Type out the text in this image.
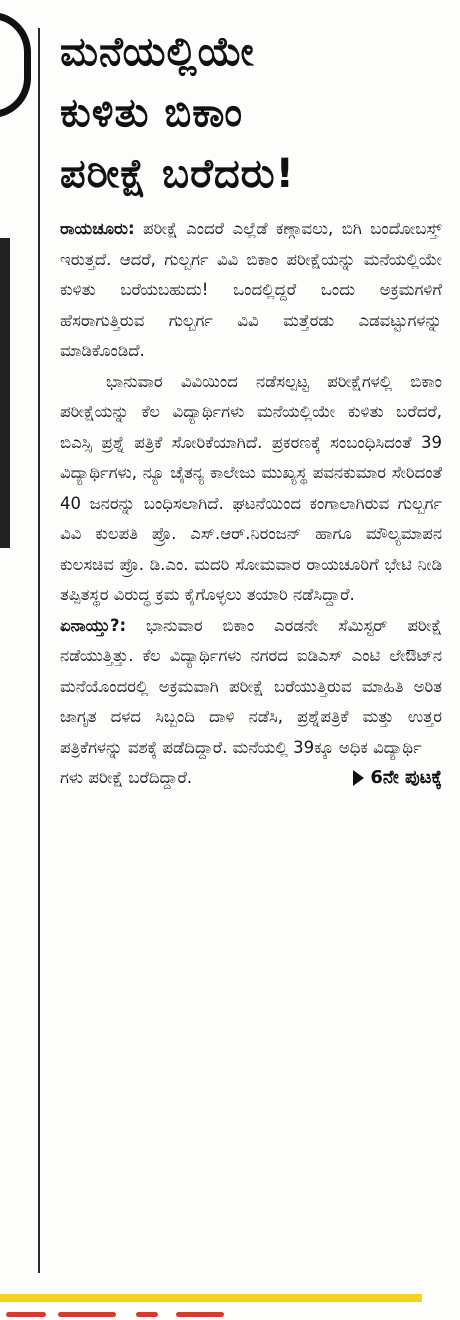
ಮನೆಯಲ್ಲಿಯೇ
ಕುಳಿತು ಬಿಕಾಂ
ಪರೀಕ್ಷೆ ಬರೆದರು!

ರಾಯಚೂರು: ಪರೀಕ್ಷೆ ಎಂದರೆ ಎಲ್ಲೆಡೆ ಕಣ್ಗಾವಲು, ಬಿಗಿ ಬಂದೋಬಸ್ತ್ ಇರುತ್ತದೆ. ಆದರೆ, ಗುಲ್ಬರ್ಗ ವಿವಿ ಬಿಕಾಂ ಪರೀಕ್ಷೆಯನ್ನು ಮನೆಯಲ್ಲಿಯೇ ಕುಳಿತು ಬರೆಯಬಹುದು! ಒಂದಲ್ಲಿದ್ದರೆ ಒಂದು ಅಕ್ರಮಗಳಿಗೆ ಹೆಸರಾಗುತ್ತಿರುವ ಗುಲ್ಬರ್ಗ ವಿವಿ ಮತ್ತೆರಡು ಎಡವಟ್ಟುಗಳನ್ನು ಮಾಡಿಕೊಂಡಿದೆ.

ಭಾನುವಾರ ವಿವಿಯಿಂದ ನಡೆಸಲ್ಪಟ್ಟ ಪರೀಕ್ಷೆಗಳಲ್ಲಿ ಬಿಕಾಂ ಪರೀಕ್ಷೆಯನ್ನು ಕೆಲ ವಿದ್ಯಾರ್ಥಿಗಳು ಮನೆಯಲ್ಲಿಯೇ ಕುಳಿತು ಬರೆದರೆ, ಬಿಎಸ್ಸಿ ಪ್ರಶ್ನೆ ಪತ್ರಿಕೆ ಸೋರಿಕೆಯಾಗಿದೆ. ಪ್ರಕರಣಕ್ಕೆ ಸಂಬಂಧಿಸಿದಂತೆ 39 ವಿದ್ಯಾರ್ಥಿಗಳು, ನ್ಯೂ ಚೈತನ್ಯ ಕಾಲೇಜು ಮುಖ್ಯಸ್ಥ ಪವನಕುಮಾರ ಸೇರಿದಂತೆ 40 ಜನರನ್ನು ಬಂಧಿಸಲಾಗಿದೆ. ಘಟನೆಯಿಂದ ಕಂಗಾಲಾಗಿರುವ ಗುಲ್ಬರ್ಗ ವಿವಿ ಕುಲಪತಿ ಪ್ರೊ. ಎಸ್.ಆರ್.ನಿರಂಜನ್ ಹಾಗೂ ಮೌಲ್ಯಮಾಪನ ಕುಲಸಚಿವ ಪ್ರೊ. ಡಿ.ಎಂ. ಮದರಿ ಸೋಮವಾರ ರಾಯಚೂರಿಗೆ ಭೇಟಿ ನೀಡಿ ತಪ್ಪಿತಸ್ಥರ ವಿರುದ್ಧ ಕ್ರಮ ಕೈಗೊಳ್ಳಲು ತಯಾರಿ ನಡೆಸಿದ್ದಾರೆ.

ಏನಾಯ್ತು?: ಭಾನುವಾರ ಬಿಕಾಂ ಎರಡನೇ ಸೆಮಿಸ್ಟರ್ ಪರೀಕ್ಷೆ ನಡೆಯುತ್ತಿತ್ತು. ಕೆಲ ವಿದ್ಯಾರ್ಥಿಗಳು ನಗರದ ಐಡಿಎಸ್ ಎಂಟಿ ಲೇಔಟ್‌ನ ಮನೆಯೊಂದರಲ್ಲಿ ಅಕ್ರಮವಾಗಿ ಪರೀಕ್ಷೆ ಬರೆಯುತ್ತಿರುವ ಮಾಹಿತಿ ಅರಿತ ಜಾಗೃತ ದಳದ ಸಿಬ್ಬಂದಿ ದಾಳಿ ನಡೆಸಿ, ಪ್ರಶ್ನೆಪತ್ರಿಕೆ ಮತ್ತು ಉತ್ತರ ಪತ್ರಿಕೆಗಳನ್ನು ವಶಕ್ಕೆ ಪಡೆದಿದ್ದಾರೆ. ಮನೆಯಲ್ಲಿ 39ಕ್ಕೂ ಅಧಿಕ ವಿದ್ಯಾರ್ಥಿ

ಗಳು ಪರೀಕ್ಷೆ ಬರೆದಿದ್ದಾರೆ.	6ನೇ ಪುಟಕ್ಕೆ
